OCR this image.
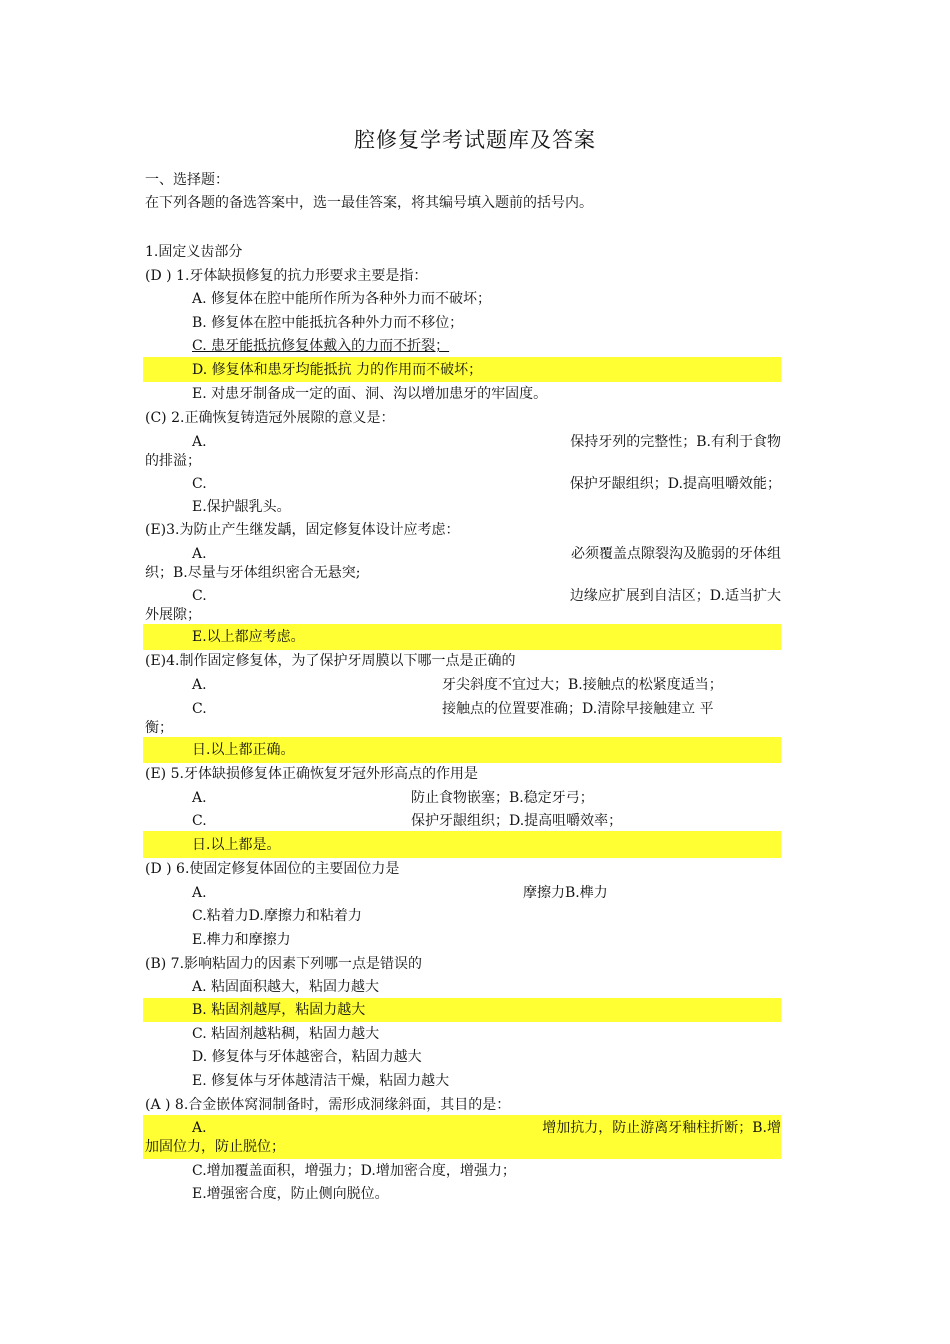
腔修复学考试题库及答案
一、选择题：
在下列各题的备选答案中，选一最佳答案，将其编号填入题前的括号内。
1.固定义齿部分
(D ) 1.牙体缺损修复的抗力形要求主要是指：
A. 修复体在腔中能所作所为各种外力而不破坏；
B. 修复体在腔中能抵抗各种外力而不移位；
C. 患牙能抵抗修复体戴入的力而不折裂；
D. 修复体和患牙均能抵抗 力的作用而不破坏；
E. 对患牙制备成一定的面、洞、沟以增加患牙的牢固度。
(C) 2.正确恢复铸造冠外展隙的意义是：
A.	保持牙列的完整性；B.有利于食物
的排溢；
C.	保护牙龈组织；D.提高咀嚼效能；
E.保护龈乳头。
(E)3.为防止产生继发龋，固定修复体设计应考虑：
A.	必须覆盖点隙裂沟及脆弱的牙体组
织；B.尽量与牙体组织密合无悬突;
C.	边缘应扩展到自洁区；D.适当扩大
外展隙；
E.以上都应考虑。
(E)4.制作固定修复体，为了保护牙周膜以下哪一点是正确的
A.	牙尖斜度不宜过大；B.接触点的松紧度适当；
C.	接触点的位置要准确；D.清除早接触建立 平
衡；
日.以上都正确。
(E) 5.牙体缺损修复体正确恢复牙冠外形高点的作用是
A.	防止食物嵌塞；B.稳定牙弓；
C.	保护牙龈组织；D.提高咀嚼效率；
日.以上都是。
(D ) 6.使固定修复体固位的主要固位力是
A.	摩擦力B.榫力
C.粘着力D.摩擦力和粘着力
E.榫力和摩擦力
(B) 7.影响粘固力的因素下列哪一点是错误的
A. 粘固面积越大，粘固力越大
B. 粘固剂越厚，粘固力越大
C. 粘固剂越粘稠，粘固力越大
D. 修复体与牙体越密合，粘固力越大
E. 修复体与牙体越清洁干燥，粘固力越大
(A ) 8.合金嵌体窝洞制备时，需形成洞缘斜面，其目的是：
A.	增加抗力，防止游离牙釉柱折断；B.增
加固位力，防止脱位；
C.增加覆盖面积，增强力；D.增加密合度，增强力；
E.增强密合度，防止侧向脱位。
